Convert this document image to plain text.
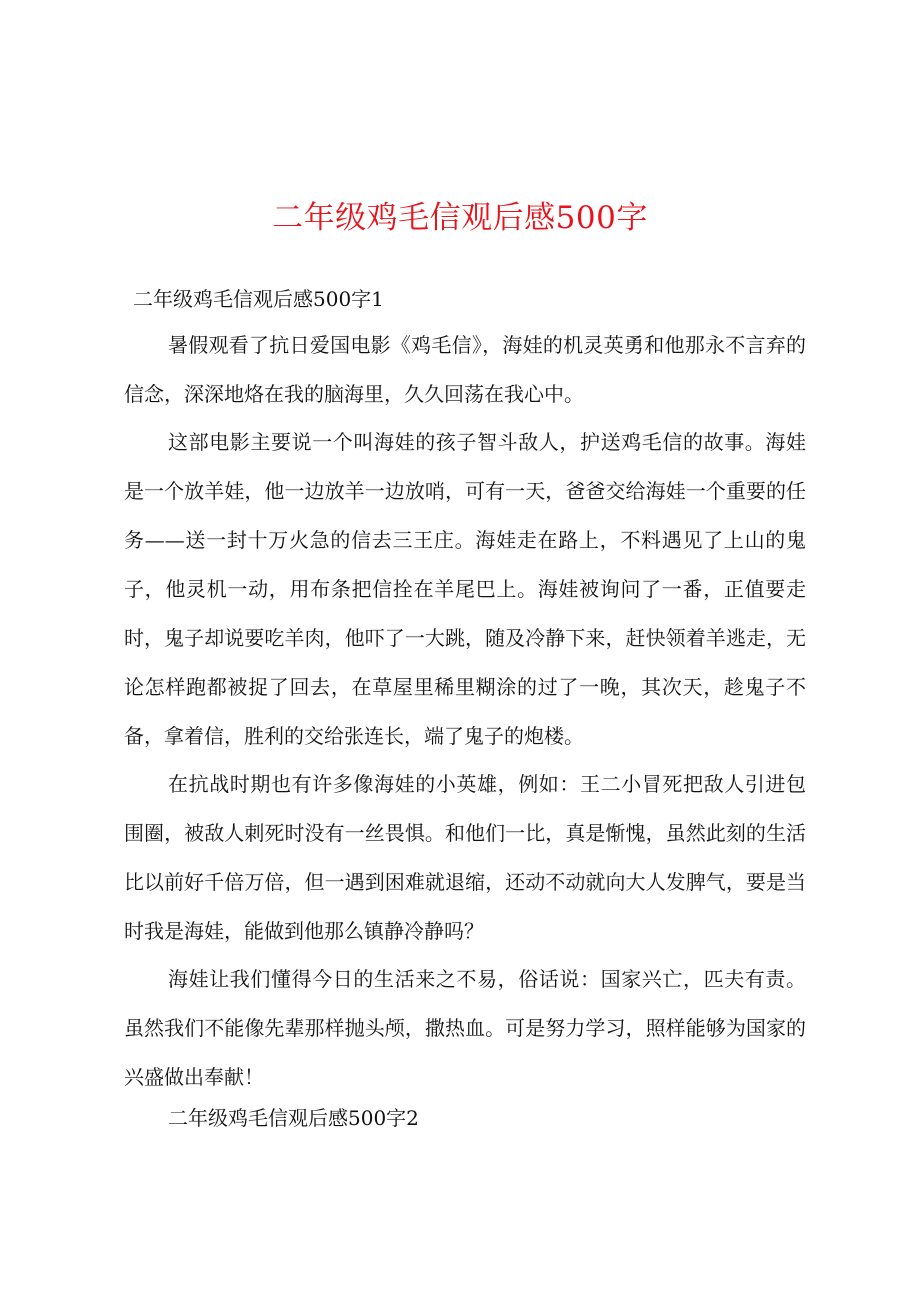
二年级鸡毛信观后感500字

二年级鸡毛信观后感500字1

暑假观看了抗日爱国电影《鸡毛信》，海娃的机灵英勇和他那永不言弃的信念，深深地烙在我的脑海里，久久回荡在我心中。

这部电影主要说一个叫海娃的孩子智斗敌人，护送鸡毛信的故事。海娃是一个放羊娃，他一边放羊一边放哨，可有一天，爸爸交给海娃一个重要的任务——送一封十万火急的信去三王庄。海娃走在路上，不料遇见了上山的鬼子，他灵机一动，用布条把信拴在羊尾巴上。海娃被询问了一番，正值要走时，鬼子却说要吃羊肉，他吓了一大跳，随及冷静下来，赶快领着羊逃走，无论怎样跑都被捉了回去，在草屋里稀里糊涂的过了一晚，其次天，趁鬼子不备，拿着信，胜利的交给张连长，端了鬼子的炮楼。

在抗战时期也有许多像海娃的小英雄，例如：王二小冒死把敌人引进包围圈，被敌人刺死时没有一丝畏惧。和他们一比，真是惭愧，虽然此刻的生活比以前好千倍万倍，但一遇到困难就退缩，还动不动就向大人发脾气，要是当时我是海娃，能做到他那么镇静冷静吗？

海娃让我们懂得今日的生活来之不易，俗话说：国家兴亡，匹夫有责。虽然我们不能像先辈那样抛头颅，撒热血。可是努力学习，照样能够为国家的兴盛做出奉献！

二年级鸡毛信观后感500字2
